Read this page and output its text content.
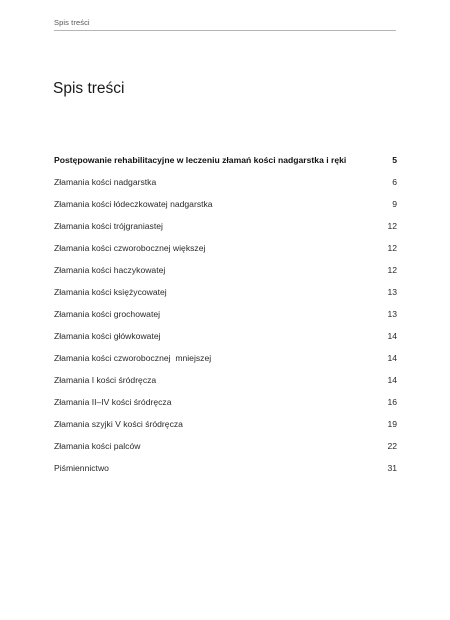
Spis treści
Spis treści
Postępowanie rehabilitacyjne w leczeniu złamań kości nadgarstka i ręki	5
Złamania kości nadgarstka	6
Złamania kości łódeczkowatej nadgarstka	9
Złamania kości trójgraniastej	12
Złamania kości czworobocznej większej	12
Złamania kości haczykowatej	12
Złamania kości księżycowatej	13
Złamania kości grochowatej	13
Złamania kości główkowatej	14
Złamania kości czworobocznej  mniejszej	14
Złamania I kości śródręcza	14
Złamania II–IV kości śródręcza	16
Złamania szyjki V kości śródręcza	19
Złamania kości palców	22
Piśmiennictwo	31
